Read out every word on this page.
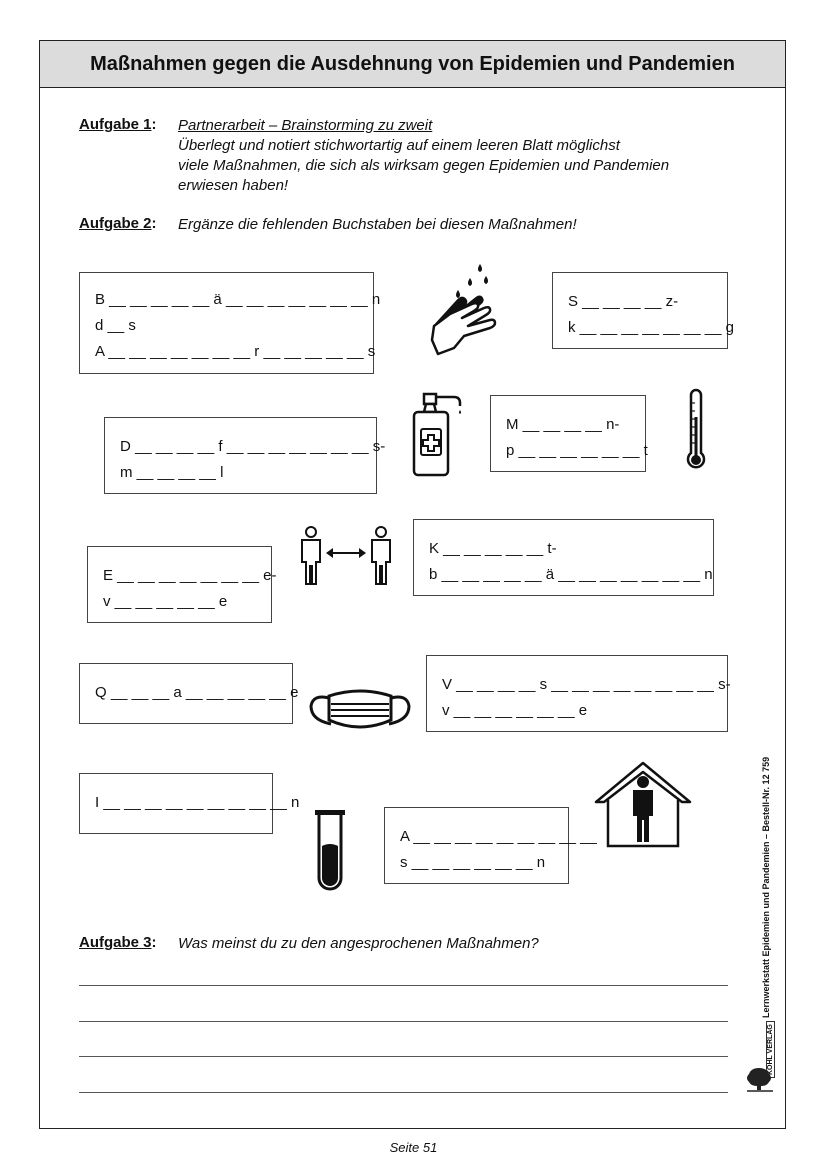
Maßnahmen gegen die Ausdehnung von Epidemien und Pandemien
Aufgabe 1: Partnerarbeit – Brainstorming zu zweit
Überlegt und notiert stichwortartig auf einem leeren Blatt möglichst
viele Maßnahmen, die sich als wirksam gegen Epidemien und Pandemien
erwiesen haben!
Aufgabe 2: Ergänze die fehlenden Buchstaben bei diesen Maßnahmen!
B __ __ __ __ __ ä __ __ __ __ __ __ __ n
d __ s
A __ __ __ __ __ __ __ r __ __ __ __ __ s
S __ __ __ __ z-
k __ __ __ __ __ __ __ g
D __ __ __ __ f __ __ __ __ __ __ __ s-
m __ __ __ __ l
M __ __ __ __ n-
p __ __ __ __ __ __ t
E __ __ __ __ __ __ __ e-
v __ __ __ __ __ e
K __ __ __ __ __ t-
b __ __ __ __ __ ä __ __ __ __ __ __ __ n
Q __ __ __ a __ __ __ __ __ e	V __ __ __ __ s __ __ __ __ __ __ __ __ s-
v __ __ __ __ __ __ e
I __ __ __ __ __ __ __ __ __ n
A __ __ __ __ __ __ __ __ __
s __ __ __ __ __ __ n
Aufgabe 3: Was meinst du zu den angesprochenen Maßnahmen?	Lernwerkstatt Epidemien und Pandemien – Bestell-Nr. 12 759
KOHL VERLAG
Seite 51
